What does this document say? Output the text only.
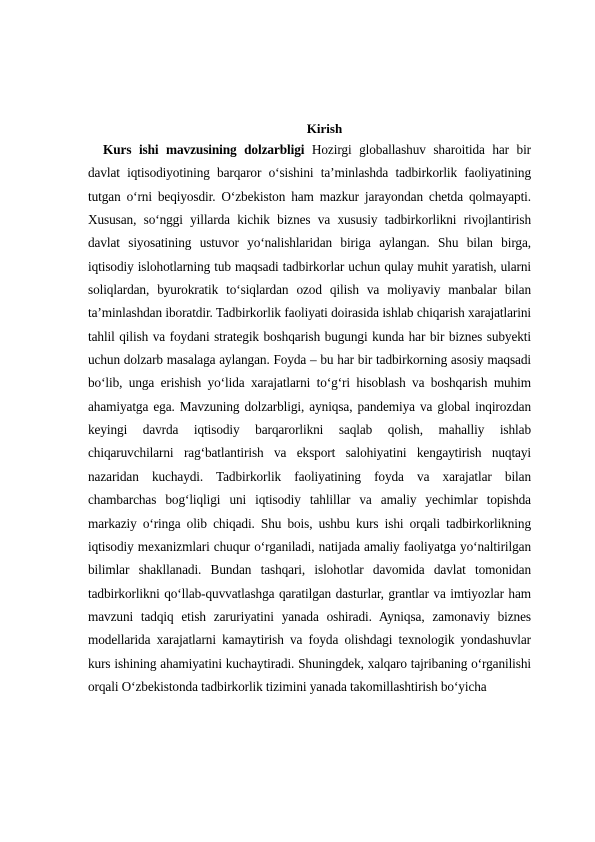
Kirish

Kurs ishi mavzusining dolzarbligi Hozirgi globallashuv sharoitida har bir davlat iqtisodiyotining barqaror o‘sishini ta’minlashda tadbirkorlik faoliyatining tutgan o‘rni beqiyosdir. O‘zbekiston ham mazkur jarayondan chetda qolmayapti. Xususan, so‘nggi yillarda kichik biznes va xususiy tadbirkorlikni rivojlantirish davlat siyosatining ustuvor yo‘nalishlaridan biriga aylangan. Shu bilan birga, iqtisodiy islohotlarning tub maqsadi tadbirkorlar uchun qulay muhit yaratish, ularni soliqlardan, byurokratik to‘siqlardan ozod qilish va moliyaviy manbalar bilan ta’minlashdan iboratdir. Tadbirkorlik faoliyati doirasida ishlab chiqarish xarajatlarini tahlil qilish va foydani strategik boshqarish bugungi kunda har bir biznes subyekti uchun dolzarb masalaga aylangan. Foyda – bu har bir tadbirkorning asosiy maqsadi bo‘lib, unga erishish yo‘lida xarajatlarni to‘g‘ri hisoblash va boshqarish muhim ahamiyatga ega. Mavzuning dolzarbligi, ayniqsa, pandemiya va global inqirozdan keyingi davrda iqtisodiy barqarorlikni saqlab qolish, mahalliy ishlab chiqaruvchilarni rag‘batlantirish va eksport salohiyatini kengaytirish nuqtayi nazaridan kuchaydi. Tadbirkorlik faoliyatining foyda va xarajatlar bilan chambarchas bog‘liqligi uni iqtisodiy tahlillar va amaliy yechimlar topishda markaziy o‘ringa olib chiqadi. Shu bois, ushbu kurs ishi orqali tadbirkorlikning iqtisodiy mexanizmlari chuqur o‘rganiladi, natijada amaliy faoliyatga yo‘naltirilgan bilimlar shakllanadi. Bundan tashqari, islohotlar davomida davlat tomonidan tadbirkorlikni qo‘llab-quvvatlashga qaratilgan dasturlar, grantlar va imtiyozlar ham mavzuni tadqiq etish zaruriyatini yanada oshiradi. Ayniqsa, zamonaviy biznes modellarida xarajatlarni kamaytirish va foyda olishdagi texnologik yondashuvlar kurs ishining ahamiyatini kuchaytiradi. Shuningdek, xalqaro tajribaning o‘rganilishi orqali O‘zbekistonda tadbirkorlik tizimini yanada takomillashtirish bo‘yicha
